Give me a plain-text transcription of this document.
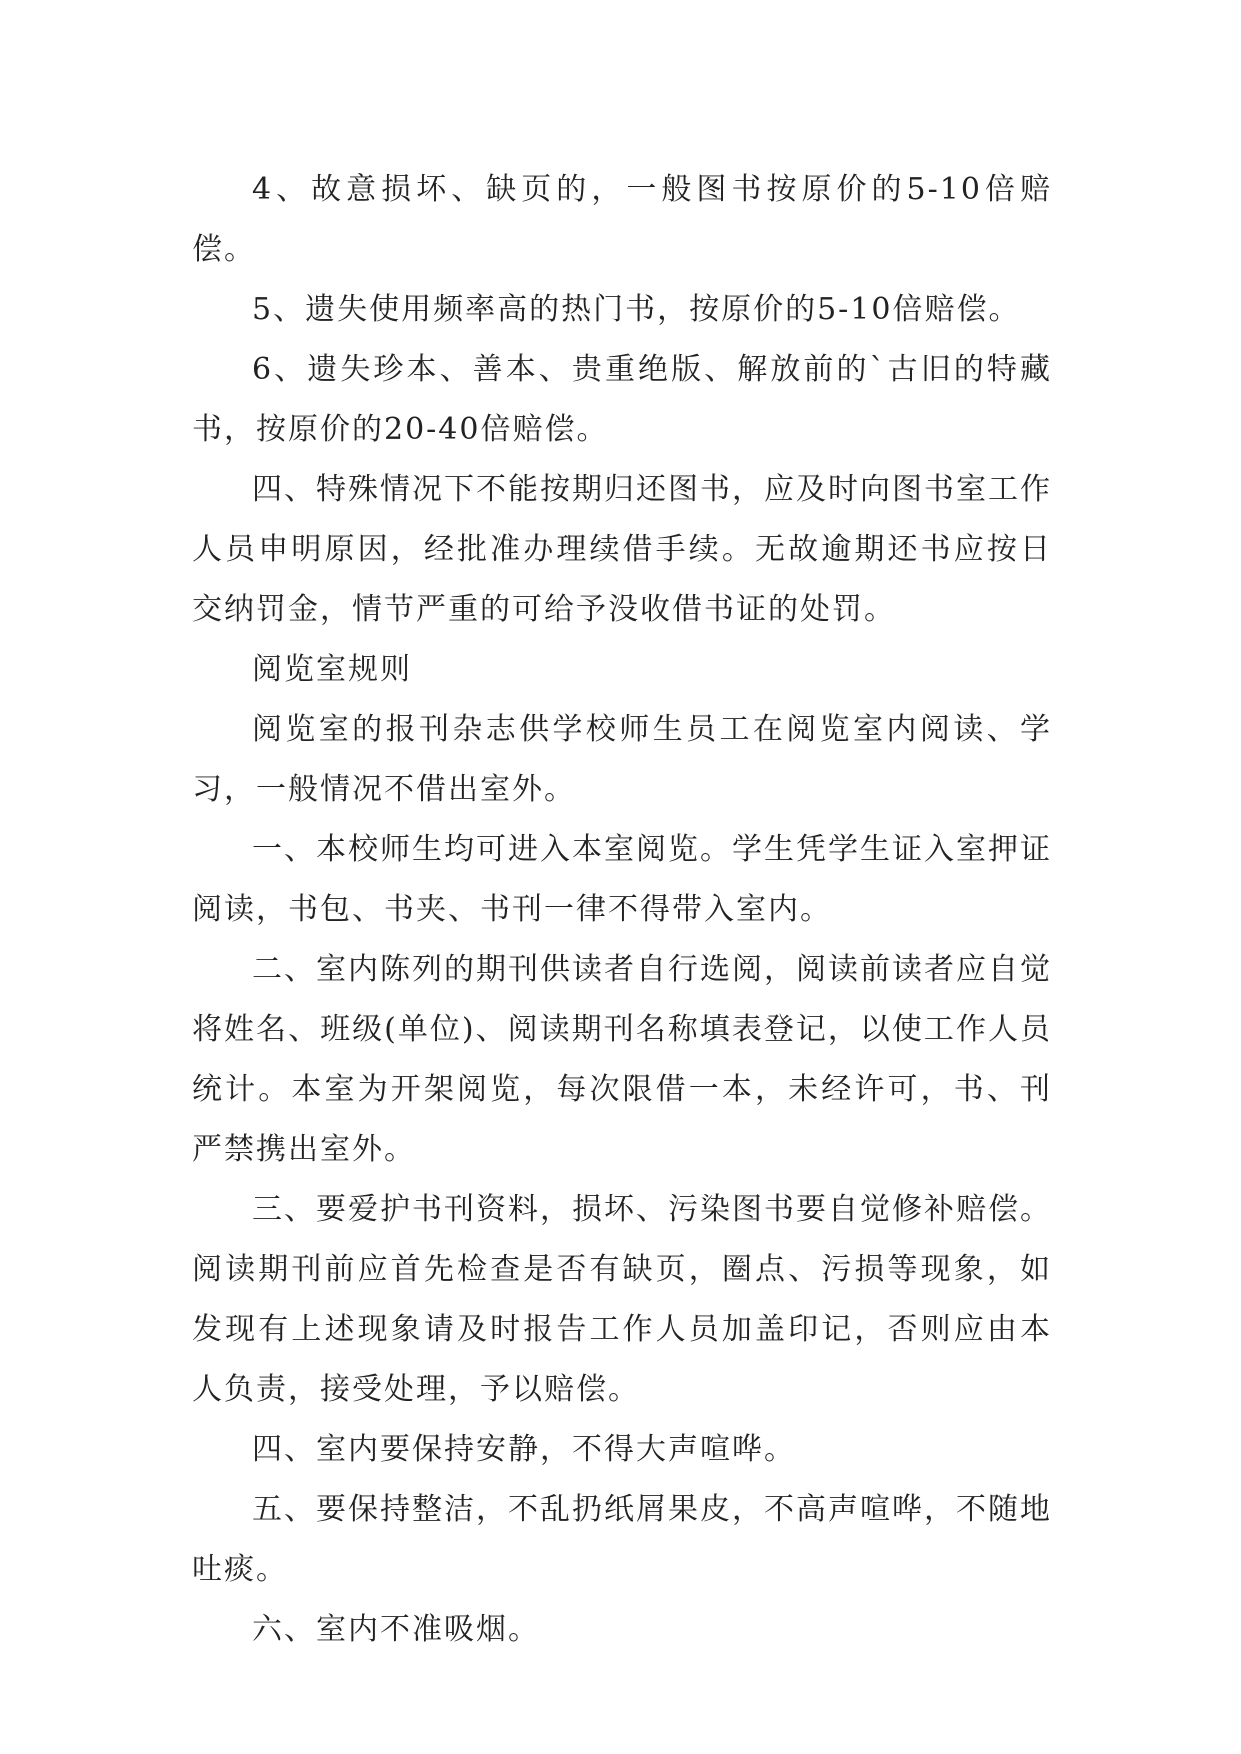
4、故意损坏、缺页的，一般图书按原价的5-10倍赔偿。

5、遗失使用频率高的热门书，按原价的5-10倍赔偿。

6、遗失珍本、善本、贵重绝版、解放前的`古旧的特藏书，按原价的20-40倍赔偿。

四、特殊情况下不能按期归还图书，应及时向图书室工作人员申明原因，经批准办理续借手续。无故逾期还书应按日交纳罚金，情节严重的可给予没收借书证的处罚。

阅览室规则

阅览室的报刊杂志供学校师生员工在阅览室内阅读、学习，一般情况不借出室外。

一、本校师生均可进入本室阅览。学生凭学生证入室押证阅读，书包、书夹、书刊一律不得带入室内。

二、室内陈列的期刊供读者自行选阅，阅读前读者应自觉将姓名、班级(单位)、阅读期刊名称填表登记，以使工作人员统计。本室为开架阅览，每次限借一本，未经许可，书、刊严禁携出室外。

三、要爱护书刊资料，损坏、污染图书要自觉修补赔偿。阅读期刊前应首先检查是否有缺页，圈点、污损等现象，如发现有上述现象请及时报告工作人员加盖印记，否则应由本人负责，接受处理，予以赔偿。

四、室内要保持安静，不得大声喧哗。

五、要保持整洁，不乱扔纸屑果皮，不高声喧哗，不随地吐痰。

六、室内不准吸烟。
